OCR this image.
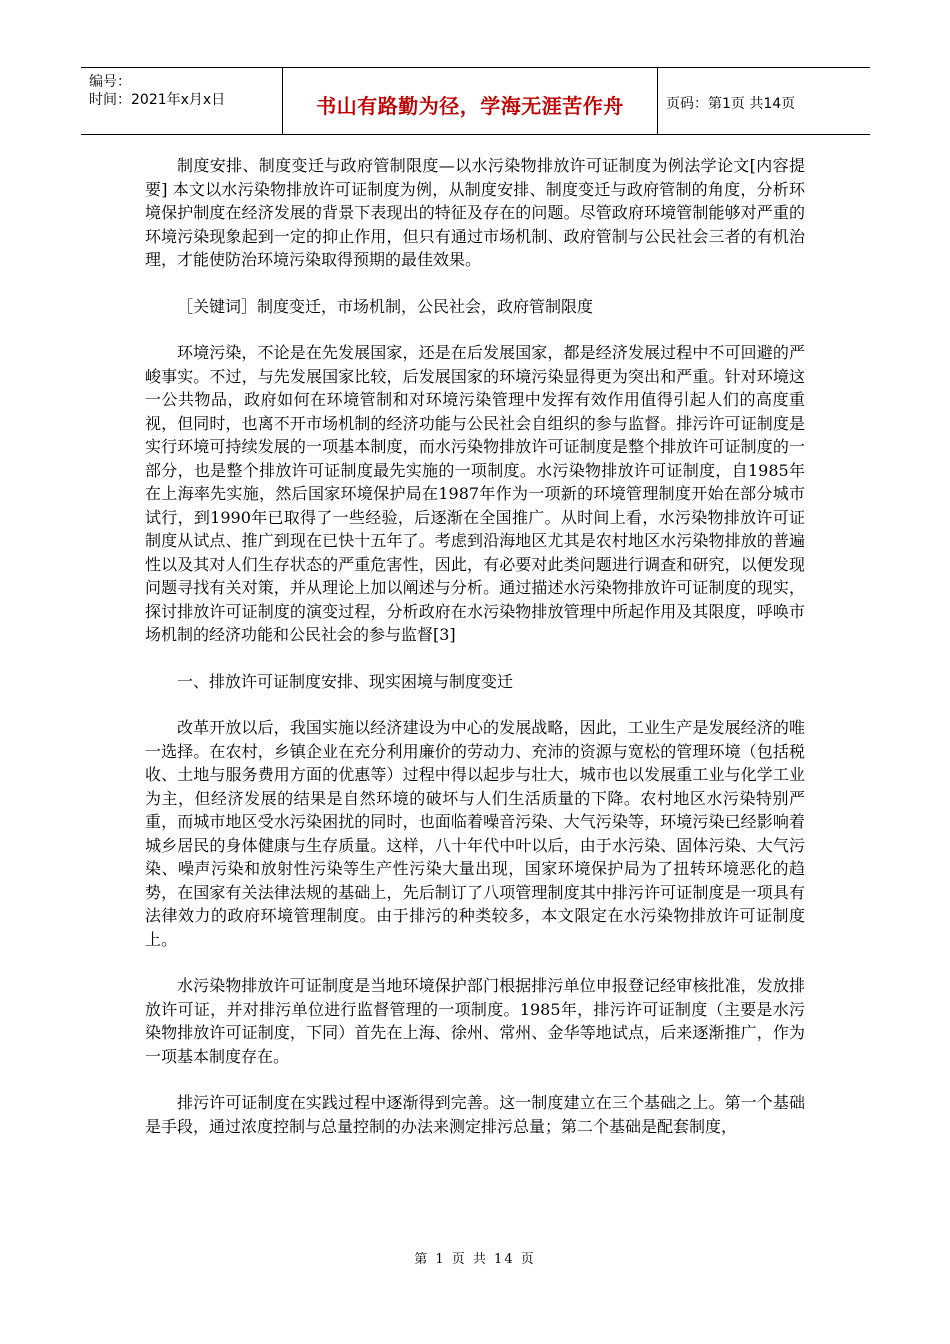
编号：
时间：2021年x月x日	书山有路勤为径，学海无涯苦作舟	页码：第1页 共14页

制度安排、制度变迁与政府管制限度—以水污染物排放许可证制度为例法学论文[内容提要] 本文以水污染物排放许可证制度为例，从制度安排、制度变迁与政府管制的角度，分析环境保护制度在经济发展的背景下表现出的特征及存在的问题。尽管政府环境管制能够对严重的环境污染现象起到一定的抑止作用，但只有通过市场机制、政府管制与公民社会三者的有机治理，才能使防治环境污染取得预期的最佳效果。

［关键词］制度变迁，市场机制，公民社会，政府管制限度

环境污染，不论是在先发展国家，还是在后发展国家，都是经济发展过程中不可回避的严峻事实。不过，与先发展国家比较，后发展国家的环境污染显得更为突出和严重。针对环境这一公共物品，政府如何在环境管制和对环境污染管理中发挥有效作用值得引起人们的高度重视，但同时，也离不开市场机制的经济功能与公民社会自组织的参与监督。排污许可证制度是实行环境可持续发展的一项基本制度，而水污染物排放许可证制度是整个排放许可证制度的一部分，也是整个排放许可证制度最先实施的一项制度。水污染物排放许可证制度，自1985年在上海率先实施，然后国家环境保护局在1987年作为一项新的环境管理制度开始在部分城市试行，到1990年已取得了一些经验，后逐渐在全国推广。从时间上看，水污染物排放许可证制度从试点、推广到现在已快十五年了。考虑到沿海地区尤其是农村地区水污染物排放的普遍性以及其对人们生存状态的严重危害性，因此，有必要对此类问题进行调查和研究，以便发现问题寻找有关对策，并从理论上加以阐述与分析。通过描述水污染物排放许可证制度的现实，探讨排放许可证制度的演变过程，分析政府在水污染物排放管理中所起作用及其限度，呼唤市场机制的经济功能和公民社会的参与监督[3]

一、排放许可证制度安排、现实困境与制度变迁

改革开放以后，我国实施以经济建设为中心的发展战略，因此，工业生产是发展经济的唯一选择。在农村，乡镇企业在充分利用廉价的劳动力、充沛的资源与宽松的管理环境（包括税收、土地与服务费用方面的优惠等）过程中得以起步与壮大，城市也以发展重工业与化学工业为主，但经济发展的结果是自然环境的破坏与人们生活质量的下降。农村地区水污染特别严重，而城市地区受水污染困扰的同时，也面临着噪音污染、大气污染等，环境污染已经影响着城乡居民的身体健康与生存质量。这样，八十年代中叶以后，由于水污染、固体污染、大气污染、噪声污染和放射性污染等生产性污染大量出现，国家环境保护局为了扭转环境恶化的趋势，在国家有关法律法规的基础上，先后制订了八项管理制度其中排污许可证制度是一项具有法律效力的政府环境管理制度。由于排污的种类较多，本文限定在水污染物排放许可证制度上。

水污染物排放许可证制度是当地环境保护部门根据排污单位申报登记经审核批准，发放排放许可证，并对排污单位进行监督管理的一项制度。1985年，排污许可证制度（主要是水污染物排放许可证制度，下同）首先在上海、徐州、常州、金华等地试点，后来逐渐推广，作为一项基本制度存在。

排污许可证制度在实践过程中逐渐得到完善。这一制度建立在三个基础之上。第一个基础是手段，通过浓度控制与总量控制的办法来测定排污总量；第二个基础是配套制度，

第 1 页 共 14 页
